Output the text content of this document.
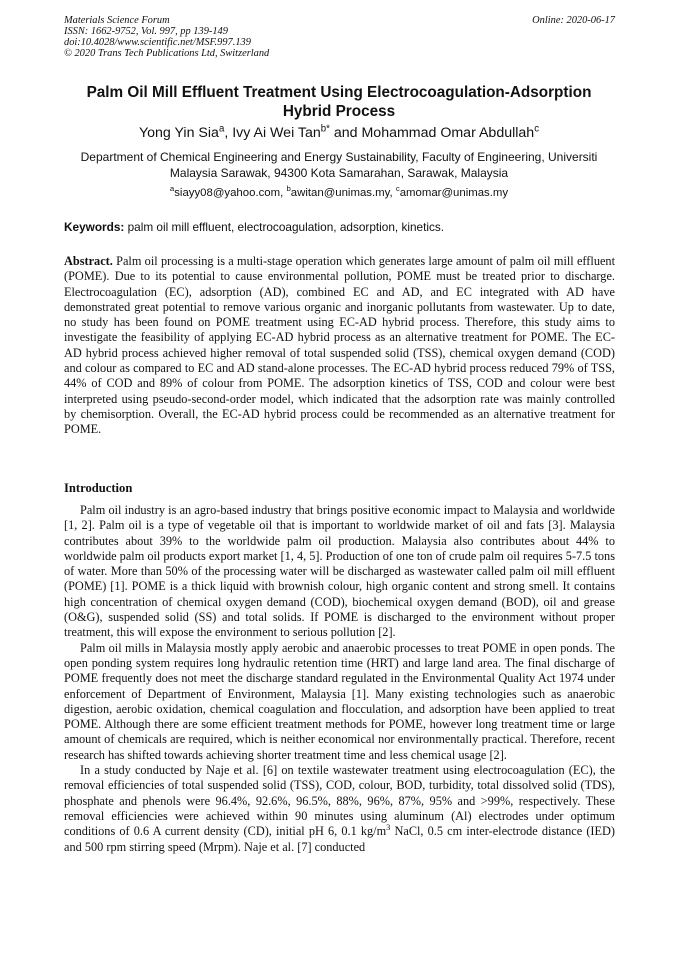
Materials Science Forum
ISSN: 1662-9752, Vol. 997, pp 139-149
doi:10.4028/www.scientific.net/MSF.997.139
© 2020 Trans Tech Publications Ltd, Switzerland
Online: 2020-06-17
Palm Oil Mill Effluent Treatment Using Electrocoagulation-Adsorption
Hybrid Process
Yong Yin Sia$^a$, Ivy Ai Wei Tan$^{b*}$ and Mohammad Omar Abdullah$^c$
Department of Chemical Engineering and Energy Sustainability, Faculty of Engineering, Universiti
Malaysia Sarawak, 94300 Kota Samarahan, Sarawak, Malaysia
$^a$siayy08@yahoo.com, $^b$awitan@unimas.my, $^c$amomar@unimas.my
Keywords: palm oil mill effluent, electrocoagulation, adsorption, kinetics.
Abstract. Palm oil processing is a multi-stage operation which generates large amount of palm oil mill effluent (POME). Due to its potential to cause environmental pollution, POME must be treated prior to discharge. Electrocoagulation (EC), adsorption (AD), combined EC and AD, and EC integrated with AD have demonstrated great potential to remove various organic and inorganic pollutants from wastewater. Up to date, no study has been found on POME treatment using EC-AD hybrid process. Therefore, this study aims to investigate the feasibility of applying EC-AD hybrid process as an alternative treatment for POME. The EC-AD hybrid process achieved higher removal of total suspended solid (TSS), chemical oxygen demand (COD) and colour as compared to EC and AD stand-alone processes. The EC-AD hybrid process reduced 79% of TSS, 44% of COD and 89% of colour from POME. The adsorption kinetics of TSS, COD and colour were best interpreted using pseudo-second-order model, which indicated that the adsorption rate was mainly controlled by chemisorption. Overall, the EC-AD hybrid process could be recommended as an alternative treatment for POME.
Introduction

Palm oil industry is an agro-based industry that brings positive economic impact to Malaysia and worldwide [1, 2]. Palm oil is a type of vegetable oil that is important to worldwide market of oil and fats [3]. Malaysia contributes about 39% to the worldwide palm oil production. Malaysia also contributes about 44% to worldwide palm oil products export market [1, 4, 5]. Production of one ton of crude palm oil requires 5-7.5 tons of water. More than 50% of the processing water will be discharged as wastewater called palm oil mill effluent (POME) [1]. POME is a thick liquid with brownish colour, high organic content and strong smell. It contains high concentration of chemical oxygen demand (COD), biochemical oxygen demand (BOD), oil and grease (O&G), suspended solid (SS) and total solids. If POME is discharged to the environment without proper treatment, this will expose the environment to serious pollution [2].

Palm oil mills in Malaysia mostly apply aerobic and anaerobic processes to treat POME in open ponds. The open ponding system requires long hydraulic retention time (HRT) and large land area. The final discharge of POME frequently does not meet the discharge standard regulated in the Environmental Quality Act 1974 under enforcement of Department of Environment, Malaysia [1]. Many existing technologies such as anaerobic digestion, aerobic oxidation, chemical coagulation and flocculation, and adsorption have been applied to treat POME. Although there are some efficient treatment methods for POME, however long treatment time or large amount of chemicals are required, which is neither economical nor environmentally practical. Therefore, recent research has shifted towards achieving shorter treatment time and less chemical usage [2].

In a study conducted by Naje et al. [6] on textile wastewater treatment using electrocoagulation (EC), the removal efficiencies of total suspended solid (TSS), COD, colour, BOD, turbidity, total dissolved solid (TDS), phosphate and phenols were 96.4%, 92.6%, 96.5%, 88%, 96%, 87%, 95% and >99%, respectively. These removal efficiencies were achieved within 90 minutes using aluminum (Al) electrodes under optimum conditions of 0.6 A current density (CD), initial pH 6, 0.1 $kg/m^3$ NaCl, 0.5 cm inter-electrode distance (IED) and 500 rpm stirring speed (Mrpm). Naje et al. [7] conducted
